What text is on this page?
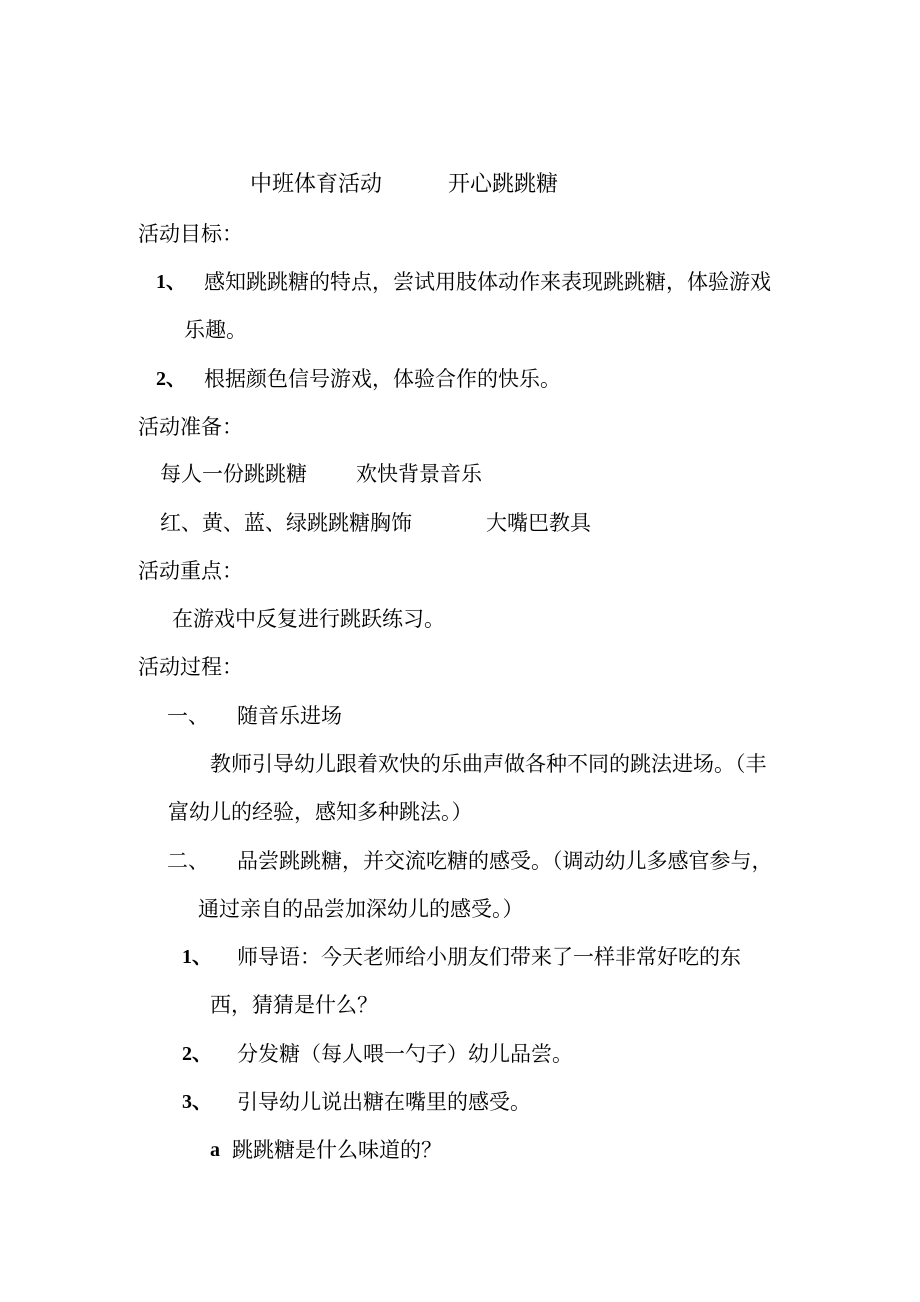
中班体育活动	开心跳跳糖
活动目标：
1、 感知跳跳糖的特点，尝试用肢体动作来表现跳跳糖，体验游戏
乐趣。
2、 根据颜色信号游戏，体验合作的快乐。
活动准备：
每人一份跳跳糖 欢快背景音乐
红、黄、蓝、绿跳跳糖胸饰	大嘴巴教具
活动重点：
在游戏中反复进行跳跃练习。
活动过程：
一、 随音乐进场
教师引导幼儿跟着欢快的乐曲声做各种不同的跳法进场。（丰
富幼儿的经验，感知多种跳法。）
二、 品尝跳跳糖，并交流吃糖的感受。（调动幼儿多感官参与，
通过亲自的品尝加深幼儿的感受。）
1、 师导语：今天老师给小朋友们带来了一样非常好吃的东
西，猜猜是什么？
2、 分发糖（每人喂一勺子）幼儿品尝。
3、 引导幼儿说出糖在嘴里的感受。
a 跳跳糖是什么味道的？
